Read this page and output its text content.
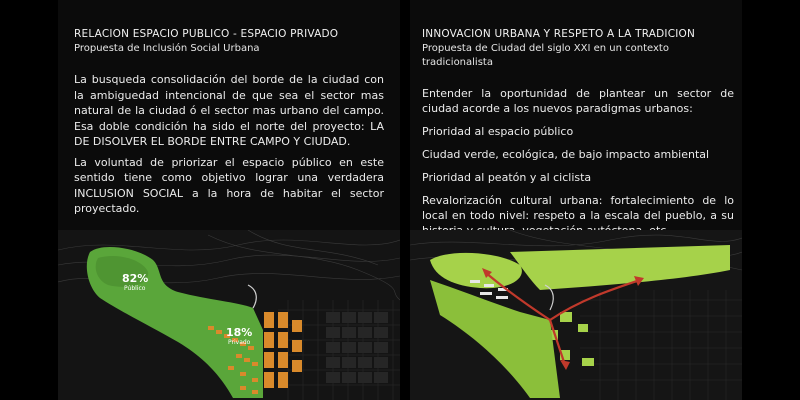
RELACION ESPACIO PUBLICO - ESPACIO PRIVADO
Propuesta de Inclusión Social Urbana

La busqueda consolidación del borde de la ciudad con la ambiguedad intencional de que sea el sector mas natural de la ciudad ó el sector mas urbano del campo. Esa doble condición ha sido el norte del proyecto: LA DE DISOLVER EL BORDE ENTRE CAMPO Y CIUDAD.

La voluntad de priorizar el espacio público en este sentido tiene como objetivo lograr una verdadera INCLUSION SOCIAL a la hora de habitar el sector proyectado.

82%
Público
18%
Privado
INNOVACION URBANA Y RESPETO A LA TRADICION
Propuesta de Ciudad del siglo XXI en un contexto tradicionalista
Entender la oportunidad de plantear un sector de ciudad acorde a los nuevos paradigmas urbanos:
Prioridad al espacio público
Ciudad verde, ecológica, de bajo impacto ambiental
Prioridad al peatón y al ciclista
Revalorización cultural urbana: fortalecimiento de lo local en todo nivel: respeto a la escala del pueblo, a su
